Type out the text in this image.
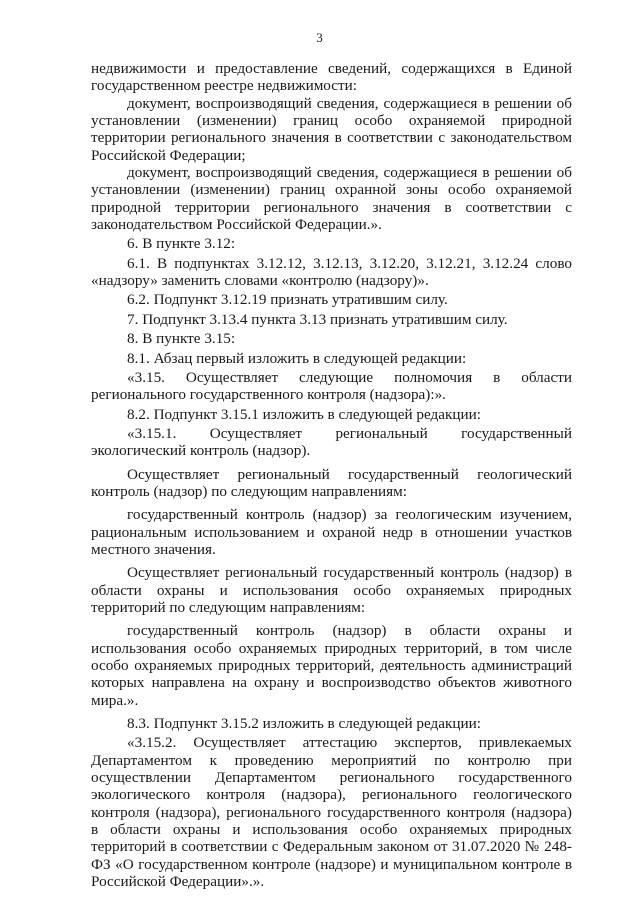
3

недвижимости и предоставление сведений, содержащихся в Единой государственном реестре недвижимости:

документ, воспроизводящий сведения, содержащиеся в решении об установлении (изменении) границ особо охраняемой природной территории регионального значения в соответствии с законодательством Российской Федерации;

документ, воспроизводящий сведения, содержащиеся в решении об установлении (изменении) границ охранной зоны особо охраняемой природной территории регионального значения в соответствии с законодательством Российской Федерации.».

6. В пункте 3.12:

6.1. В подпунктах 3.12.12, 3.12.13, 3.12.20, 3.12.21, 3.12.24 слово «надзору» заменить словами «контролю (надзору)».

6.2. Подпункт 3.12.19 признать утратившим силу.

7. Подпункт 3.13.4 пункта 3.13 признать утратившим силу.

8. В пункте 3.15:

8.1. Абзац первый изложить в следующей редакции:

«3.15. Осуществляет следующие полномочия в области регионального государственного контроля (надзора):».

8.2. Подпункт 3.15.1 изложить в следующей редакции:

«3.15.1. Осуществляет региональный государственный экологический контроль (надзор).

Осуществляет региональный государственный геологический контроль (надзор) по следующим направлениям:

государственный контроль (надзор) за геологическим изучением, рациональным использованием и охраной недр в отношении участков местного значения.

Осуществляет региональный государственный контроль (надзор) в области охраны и использования особо охраняемых природных территорий по следующим направлениям:

государственный контроль (надзор) в области охраны и использования особо охраняемых природных территорий, в том числе особо охраняемых природных территорий, деятельность администраций которых направлена на охрану и воспроизводство объектов животного мира.».

8.3. Подпункт 3.15.2 изложить в следующей редакции:

«3.15.2. Осуществляет аттестацию экспертов, привлекаемых Департаментом к проведению мероприятий по контролю при осуществлении Департаментом регионального государственного экологического контроля (надзора), регионального геологического контроля (надзора), регионального государственного контроля (надзора) в области охраны и использования особо охраняемых природных территорий в соответствии с Федеральным законом от 31.07.2020 № 248-ФЗ «О государственном контроле (надзоре) и муниципальном контроле в Российской Федерации».».
